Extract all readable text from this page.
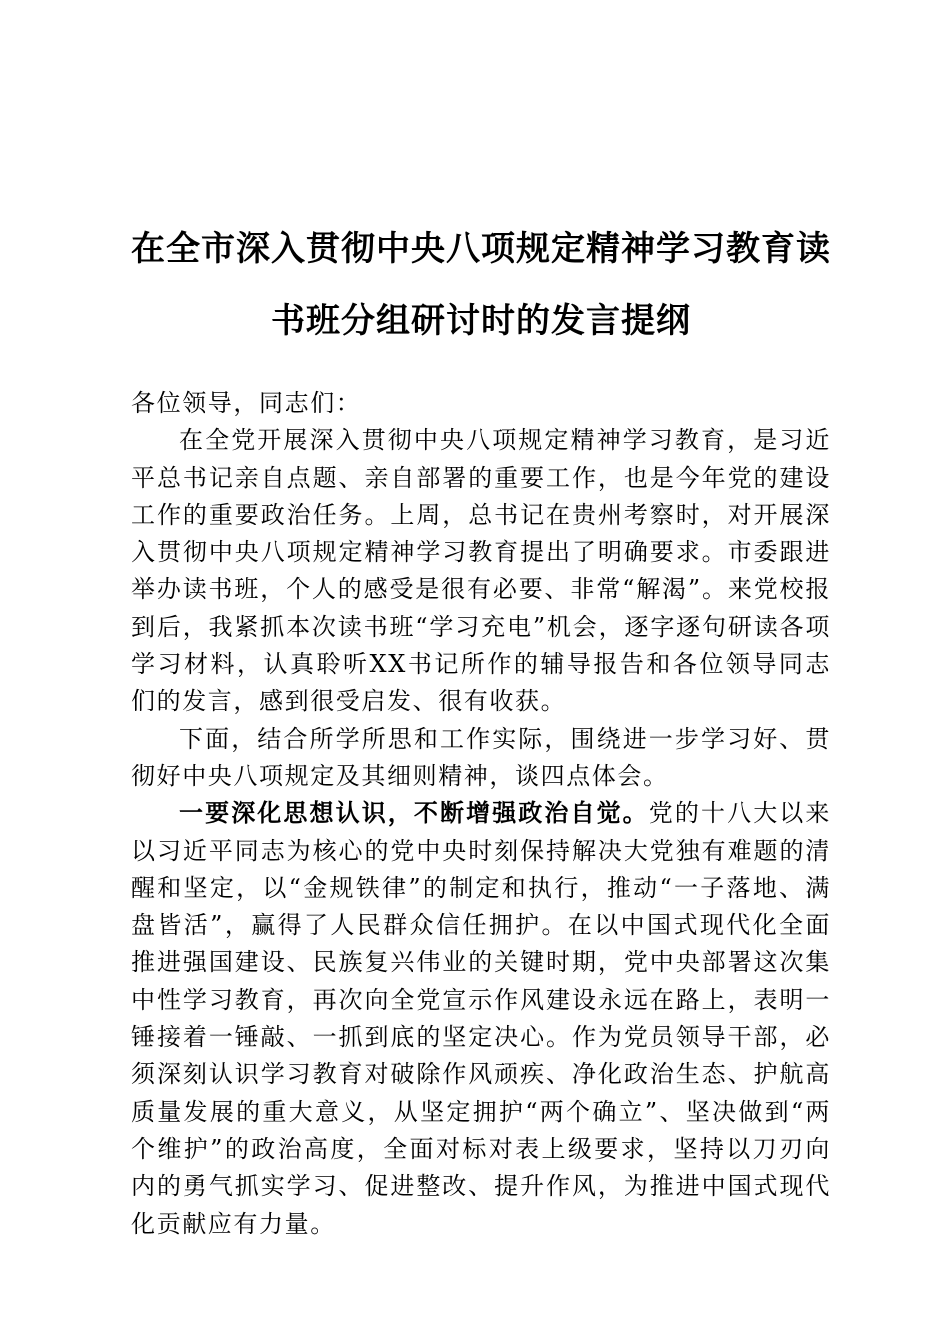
在全市深入贯彻中央八项规定精神学习教育读
书班分组研讨时的发言提纲

各位领导，同志们：

在全党开展深入贯彻中央八项规定精神学习教育，是习近平总书记亲自点题、亲自部署的重要工作，也是今年党的建设工作的重要政治任务。上周，总书记在贵州考察时，对开展深入贯彻中央八项规定精神学习教育提出了明确要求。市委跟进举办读书班，个人的感受是很有必要、非常“解渴”。来党校报到后，我紧抓本次读书班“学习充电”机会，逐字逐句研读各项学习材料，认真聆听XX书记所作的辅导报告和各位领导同志们的发言，感到很受启发、很有收获。

下面，结合所学所思和工作实际，围绕进一步学习好、贯彻好中央八项规定及其细则精神，谈四点体会。

一要深化思想认识，不断增强政治自觉。党的十八大以来以习近平同志为核心的党中央时刻保持解决大党独有难题的清醒和坚定，以“金规铁律”的制定和执行，推动“一子落地、满盘皆活”，赢得了人民群众信任拥护。在以中国式现代化全面推进强国建设、民族复兴伟业的关键时期，党中央部署这次集中性学习教育，再次向全党宣示作风建设永远在路上，表明一锤接着一锤敲、一抓到底的坚定决心。作为党员领导干部，必须深刻认识学习教育对破除作风顽疾、净化政治生态、护航高质量发展的重大意义，从坚定拥护“两个确立”、坚决做到“两个维护”的政治高度，全面对标对表上级要求，坚持以刀刃向内的勇气抓实学习、促进整改、提升作风，为推进中国式现代化贡献应有力量。
